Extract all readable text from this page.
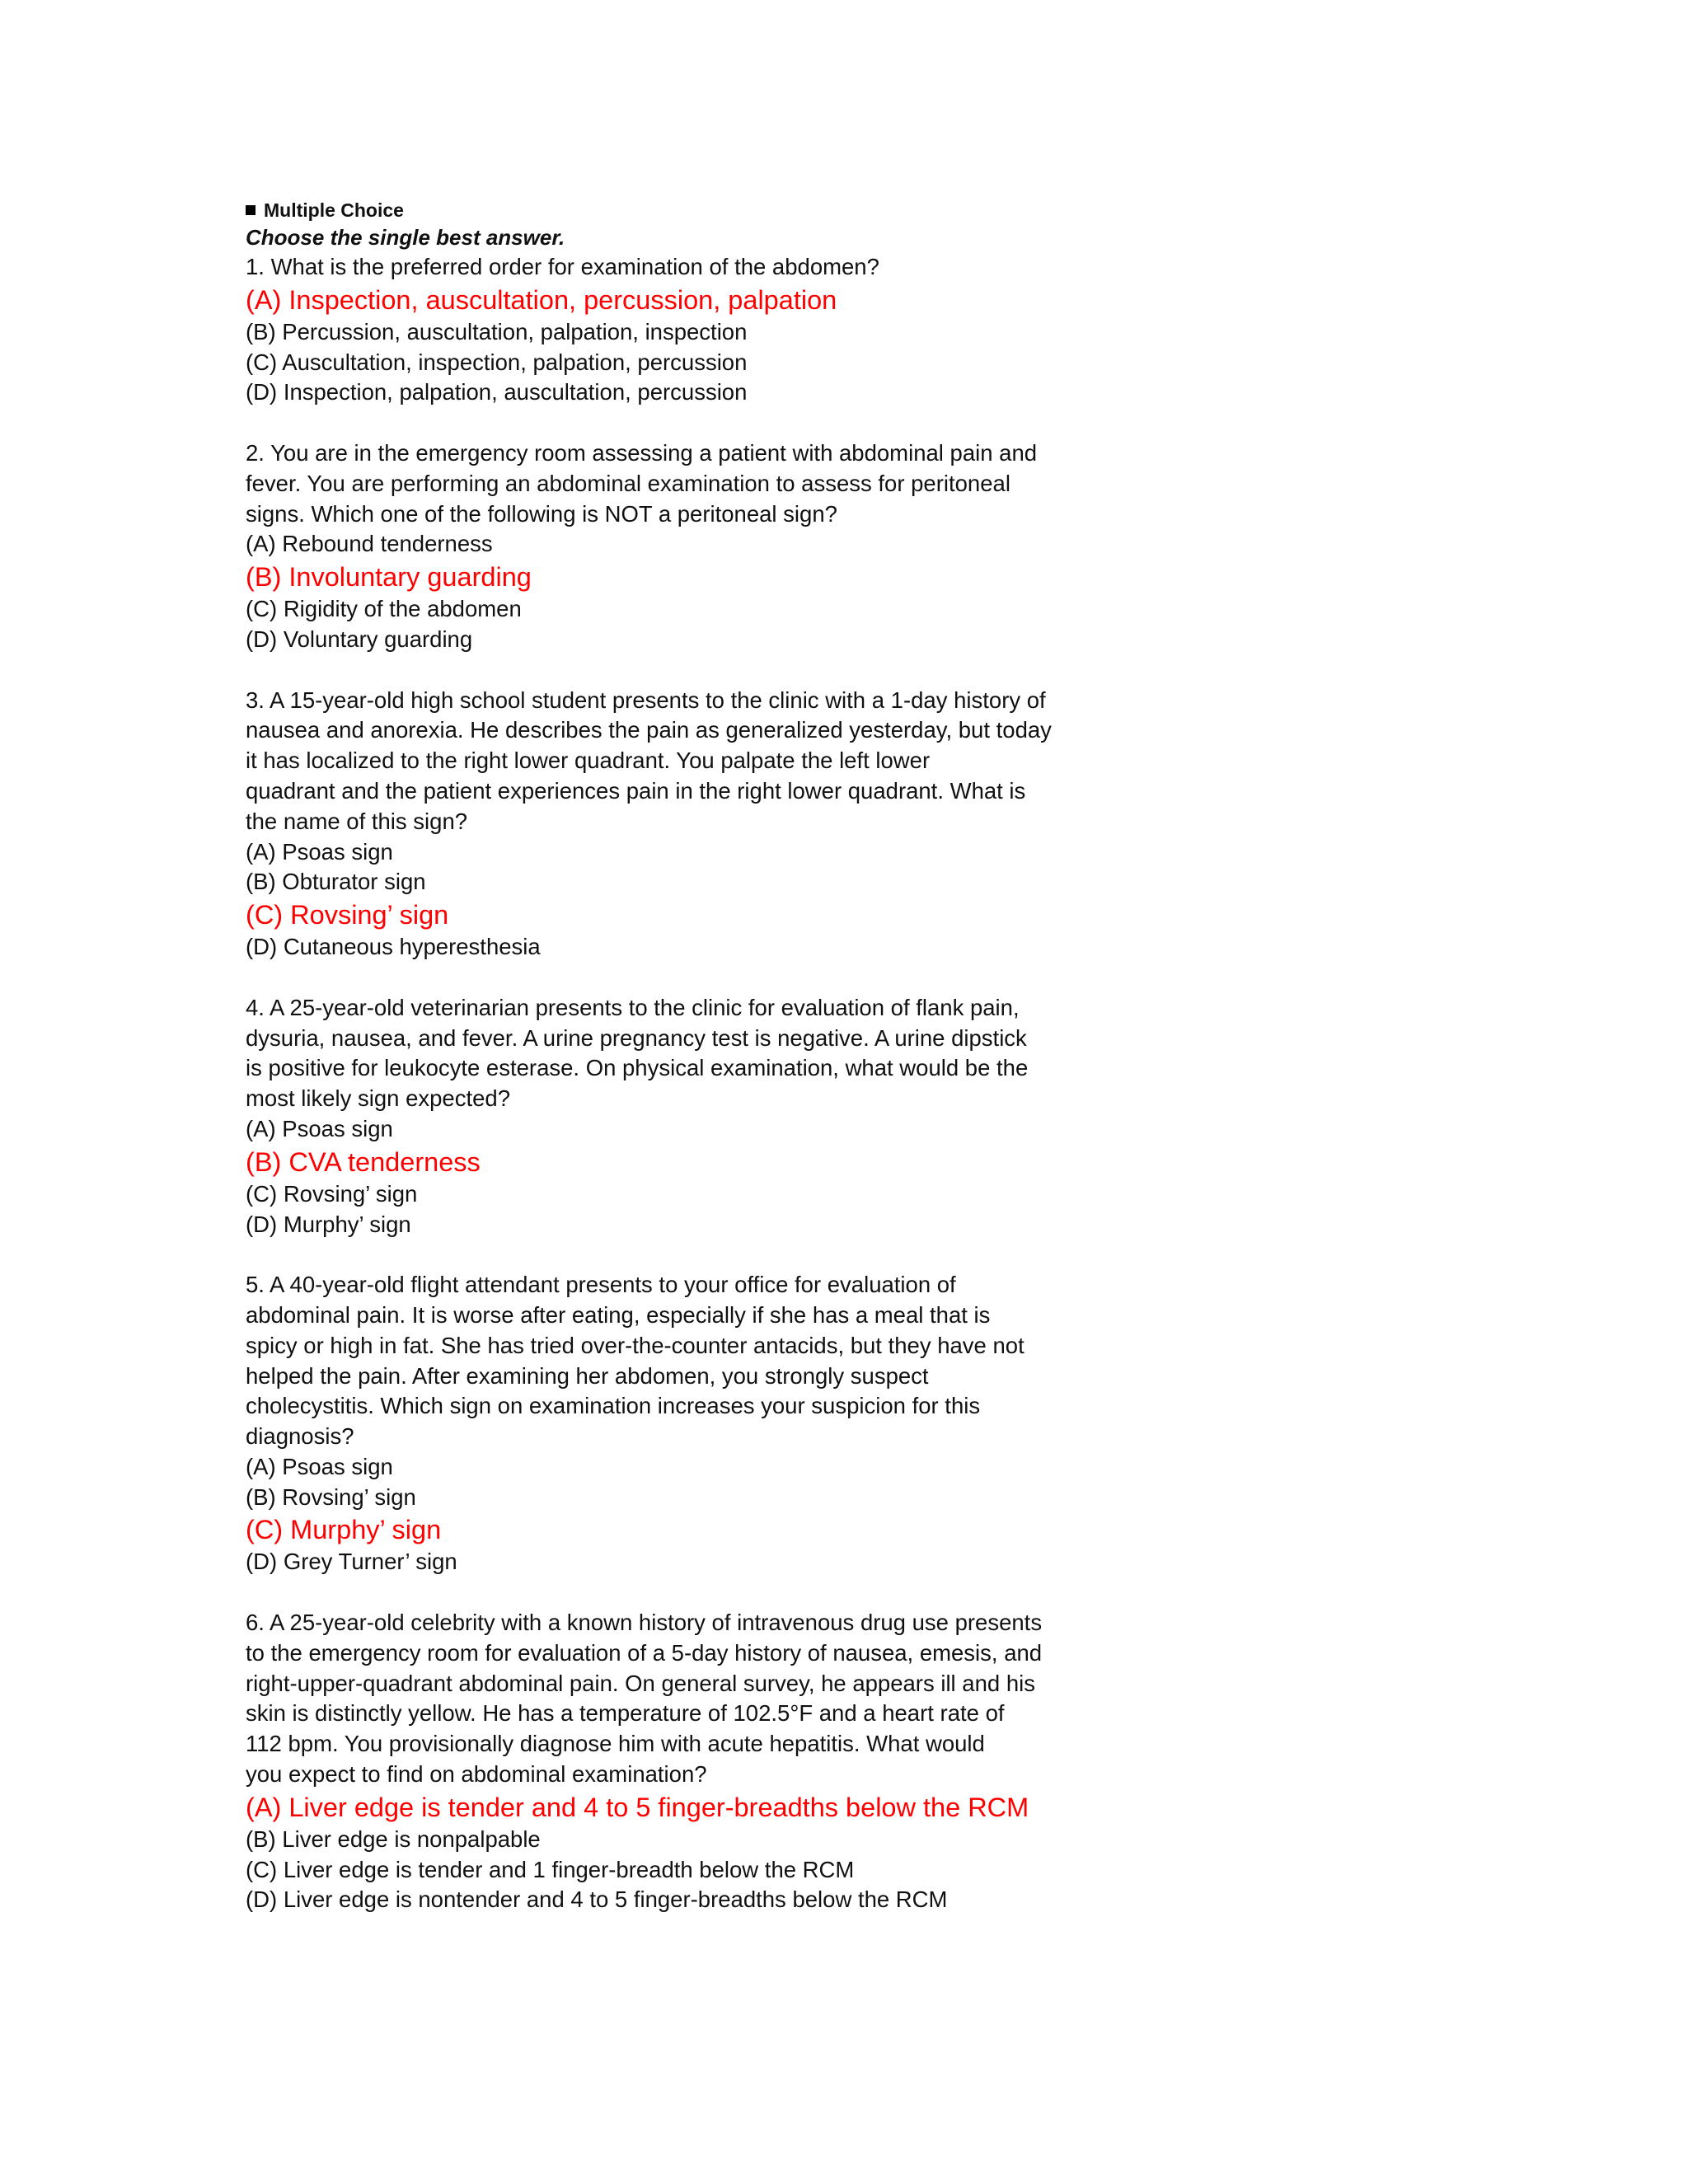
Multiple Choice
Choose the single best answer.
1. What is the preferred order for examination of the abdomen?
(A) Inspection, auscultation, percussion, palpation
(B) Percussion, auscultation, palpation, inspection
(C) Auscultation, inspection, palpation, percussion
(D) Inspection, palpation, auscultation, percussion
2. You are in the emergency room assessing a patient with abdominal pain and
fever. You are performing an abdominal examination to assess for peritoneal
signs. Which one of the following is NOT a peritoneal sign?
(A) Rebound tenderness
(B) Involuntary guarding
(C) Rigidity of the abdomen
(D) Voluntary guarding
3. A 15-year-old high school student presents to the clinic with a 1-day history of
nausea and anorexia. He describes the pain as generalized yesterday, but today
it has localized to the right lower quadrant. You palpate the left lower
quadrant and the patient experiences pain in the right lower quadrant. What is
the name of this sign?
(A) Psoas sign
(B) Obturator sign
(C) Rovsing’ sign
(D) Cutaneous hyperesthesia
4. A 25-year-old veterinarian presents to the clinic for evaluation of flank pain,
dysuria, nausea, and fever. A urine pregnancy test is negative. A urine dipstick
is positive for leukocyte esterase. On physical examination, what would be the
most likely sign expected?
(A) Psoas sign
(B) CVA tenderness
(C) Rovsing’ sign
(D) Murphy’ sign
5. A 40-year-old flight attendant presents to your office for evaluation of
abdominal pain. It is worse after eating, especially if she has a meal that is
spicy or high in fat. She has tried over-the-counter antacids, but they have not
helped the pain. After examining her abdomen, you strongly suspect
cholecystitis. Which sign on examination increases your suspicion for this
diagnosis?
(A) Psoas sign
(B) Rovsing’ sign
(C) Murphy’ sign
(D) Grey Turner’ sign
6. A 25-year-old celebrity with a known history of intravenous drug use presents
to the emergency room for evaluation of a 5-day history of nausea, emesis, and
right-upper-quadrant abdominal pain. On general survey, he appears ill and his
skin is distinctly yellow. He has a temperature of 102.5°F and a heart rate of
112 bpm. You provisionally diagnose him with acute hepatitis. What would
you expect to find on abdominal examination?
(A) Liver edge is tender and 4 to 5 finger-breadths below the RCM
(B) Liver edge is nonpalpable
(C) Liver edge is tender and 1 finger-breadth below the RCM
(D) Liver edge is nontender and 4 to 5 finger-breadths below the RCM
